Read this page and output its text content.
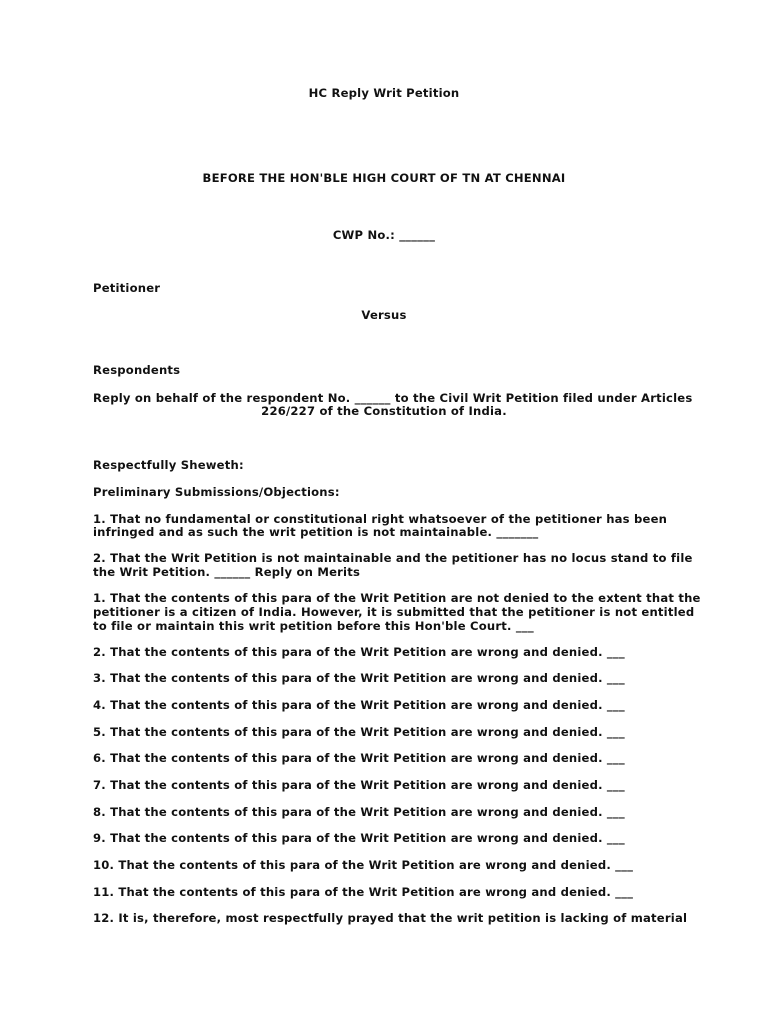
HC Reply Writ Petition
BEFORE THE HON'BLE HIGH COURT OF TN AT CHENNAI
CWP No.: ______
Petitioner
Versus
Respondents
Reply on behalf of the respondent No. ______ to the Civil Writ Petition filed under Articles
226/227 of the Constitution of India.
Respectfully Sheweth:
Preliminary Submissions/Objections:
1. That no fundamental or constitutional right whatsoever of the petitioner has been
infringed and as such the writ petition is not maintainable. _______
2. That the Writ Petition is not maintainable and the petitioner has no locus stand to file
the Writ Petition. ______ Reply on Merits
1. That the contents of this para of the Writ Petition are not denied to the extent that the
petitioner is a citizen of India. However, it is submitted that the petitioner is not entitled
to file or maintain this writ petition before this Hon'ble Court. ___
2. That the contents of this para of the Writ Petition are wrong and denied. ___
3. That the contents of this para of the Writ Petition are wrong and denied. ___
4. That the contents of this para of the Writ Petition are wrong and denied. ___
5. That the contents of this para of the Writ Petition are wrong and denied. ___
6. That the contents of this para of the Writ Petition are wrong and denied. ___
7. That the contents of this para of the Writ Petition are wrong and denied. ___
8. That the contents of this para of the Writ Petition are wrong and denied. ___
9. That the contents of this para of the Writ Petition are wrong and denied. ___
10. That the contents of this para of the Writ Petition are wrong and denied. ___
11. That the contents of this para of the Writ Petition are wrong and denied. ___
12. It is, therefore, most respectfully prayed that the writ petition is lacking of material
